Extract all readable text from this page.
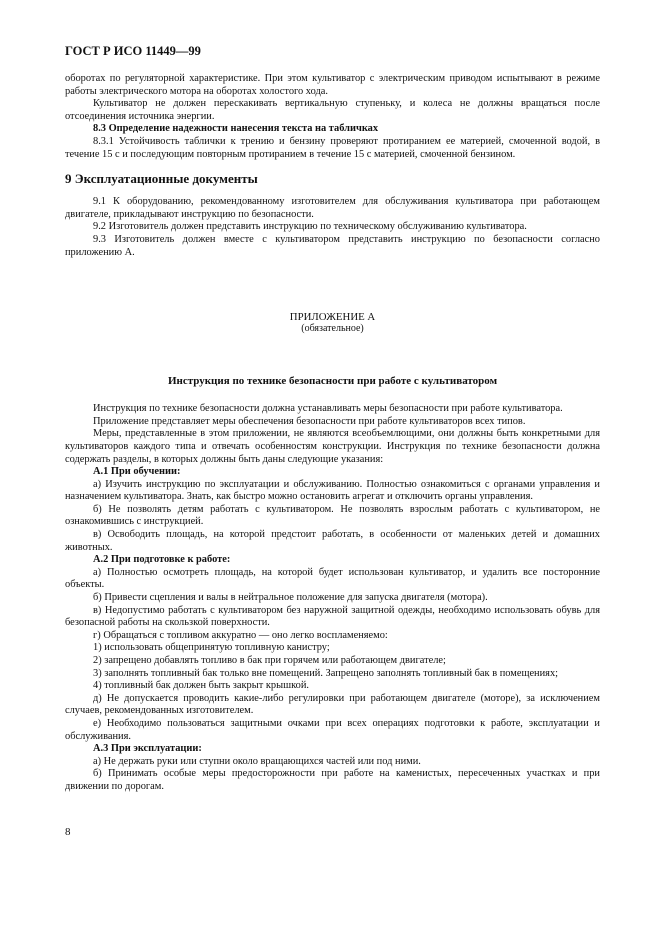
ГОСТ Р ИСО 11449—99

оборотах по регуляторной характеристике. При этом культиватор с электрическим приводом испытывают в режиме работы электрического мотора на оборотах холостого хода.

Культиватор не должен перескакивать вертикальную ступеньку, и колеса не должны вращаться после отсоединения источника энергии.

8.3 Определение надежности нанесения текста на табличках

8.3.1 Устойчивость таблички к трению и бензину проверяют протиранием ее материей, смоченной водой, в течение 15 с и последующим повторным протиранием в течение 15 с материей, смоченной бензином.

9 Эксплуатационные документы

9.1 К оборудованию, рекомендованному изготовителем для обслуживания культиватора при работающем двигателе, прикладывают инструкцию по безопасности.

9.2 Изготовитель должен представить инструкцию по техническому обслуживанию культиватора.

9.3 Изготовитель должен вместе с культиватором представить инструкцию по безопасности согласно приложению А.

ПРИЛОЖЕНИЕ А
(обязательное)
Инструкция по технике безопасности при работе с культиватором

Инструкция по технике безопасности должна устанавливать меры безопасности при работе культиватора.

Приложение представляет меры обеспечения безопасности при работе культиваторов всех типов.

Меры, представленные в этом приложении, не являются всеобъемлющими, они должны быть конкретными для культиваторов каждого типа и отвечать особенностям конструкции. Инструкция по технике безопасности должна содержать разделы, в которых должны быть даны следующие указания:

А.1 При обучении:

а) Изучить инструкцию по эксплуатации и обслуживанию. Полностью ознакомиться с органами управления и назначением культиватора. Знать, как быстро можно остановить агрегат и отключить органы управления.

б) Не позволять детям работать с культиватором. Не позволять взрослым работать с культиватором, не ознакомившись с инструкцией.

в) Освободить площадь, на которой предстоит работать, в особенности от маленьких детей и домашних животных.

А.2 При подготовке к работе:

а) Полностью осмотреть площадь, на которой будет использован культиватор, и удалить все посторонние объекты.

б) Привести сцепления и валы в нейтральное положение для запуска двигателя (мотора).

в) Недопустимо работать с культиватором без наружной защитной одежды, необходимо использовать обувь для безопасной работы на скользкой поверхности.

г) Обращаться с топливом аккуратно — оно легко воспламеняемо:

1) использовать общепринятую топливную канистру;

2) запрещено добавлять топливо в бак при горячем или работающем двигателе;

3) заполнять топливный бак только вне помещений. Запрещено заполнять топливный бак в помещениях;

4) топливный бак должен быть закрыт крышкой.

д) Не допускается проводить какие-либо регулировки при работающем двигателе (моторе), за исключением случаев, рекомендованных изготовителем.

е) Необходимо пользоваться защитными очками при всех операциях подготовки к работе, эксплуатации и обслуживания.

А.3 При эксплуатации:

а) Не держать руки или ступни около вращающихся частей или под ними.

б) Принимать особые меры предосторожности при работе на каменистых, пересеченных участках и при движении по дорогам.

8
